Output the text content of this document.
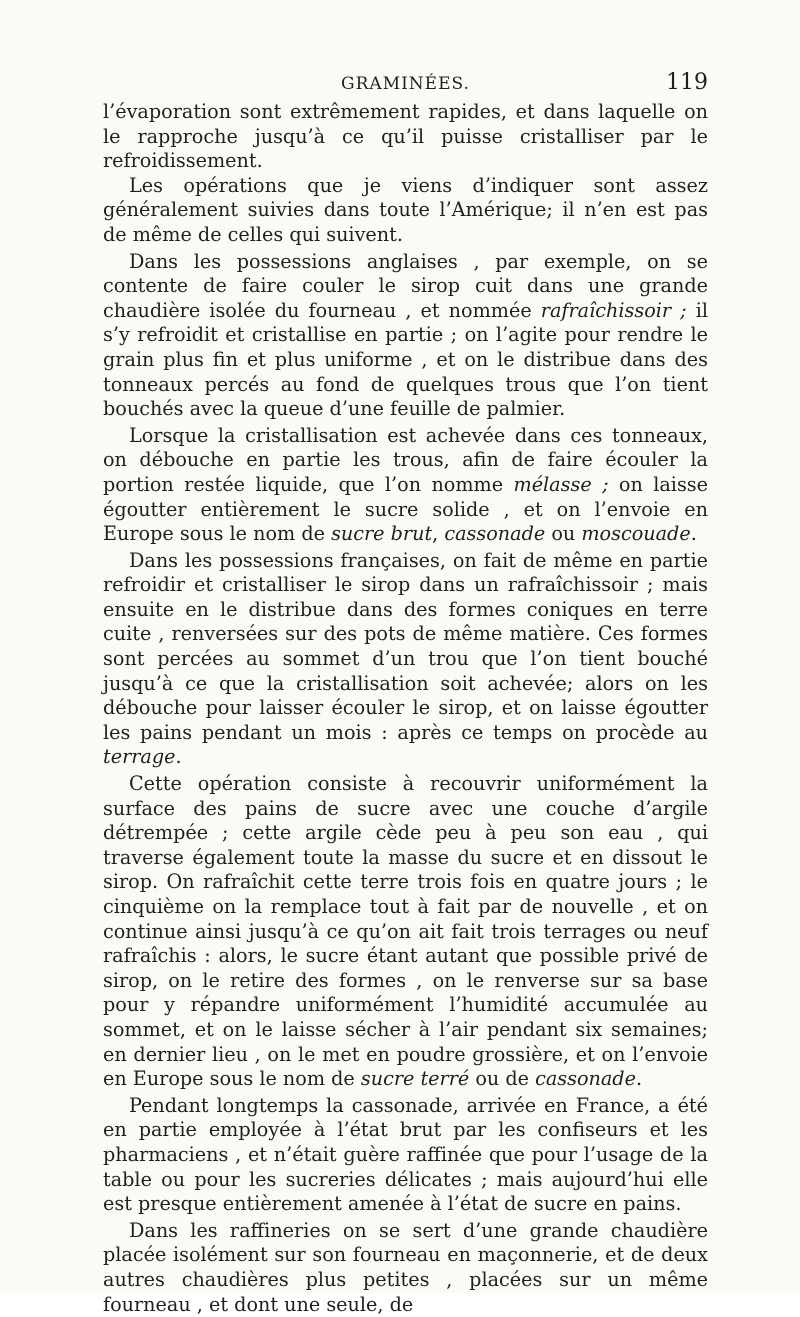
GRAMINÉES.	119

l’évaporation sont extrêmement rapides, et dans laquelle on le rapproche jusqu’à ce qu’il puisse cristalliser par le refroidissement.

Les opérations que je viens d’indiquer sont assez généralement suivies dans toute l’Amérique; il n’en est pas de même de celles qui suivent.

Dans les possessions anglaises , par exemple, on se contente de faire couler le sirop cuit dans une grande chaudière isolée du fourneau , et nommée rafraîchissoir ; il s’y refroidit et cristallise en partie ; on l’agite pour rendre le grain plus fin et plus uniforme , et on le distribue dans des tonneaux percés au fond de quelques trous que l’on tient bouchés avec la queue d’une feuille de palmier.

Lorsque la cristallisation est achevée dans ces tonneaux, on débouche en partie les trous, afin de faire écouler la portion restée liquide, que l’on nomme mélasse ; on laisse égoutter entièrement le sucre solide , et on l’envoie en Europe sous le nom de sucre brut, cassonade ou moscouade.

Dans les possessions françaises, on fait de même en partie refroidir et cristalliser le sirop dans un rafraîchissoir ; mais ensuite en le distribue dans des formes coniques en terre cuite , renversées sur des pots de même matière. Ces formes sont percées au sommet d’un trou que l’on tient bouché jusqu’à ce que la cristallisation soit achevée; alors on les débouche pour laisser écouler le sirop, et on laisse égoutter les pains pendant un mois : après ce temps on procède au terrage.

Cette opération consiste à recouvrir uniformément la surface des pains de sucre avec une couche d’argile détrempée ; cette argile cède peu à peu son eau , qui traverse également toute la masse du sucre et en dissout le sirop. On rafraîchit cette terre trois fois en quatre jours ; le cinquième on la remplace tout à fait par de nouvelle , et on continue ainsi jusqu’à ce qu’on ait fait trois terrages ou neuf rafraîchis : alors, le sucre étant autant que possible privé de sirop, on le retire des formes , on le renverse sur sa base pour y répandre uniformément l’humidité accumulée au sommet, et on le laisse sécher à l’air pendant six semaines; en dernier lieu , on le met en poudre grossière, et on l’envoie en Europe sous le nom de sucre terré ou de cassonade.

Pendant longtemps la cassonade, arrivée en France, a été en partie employée à l’état brut par les confiseurs et les pharmaciens , et n’était guère raffinée que pour l’usage de la table ou pour les sucreries délicates ; mais aujourd’hui elle est presque entièrement amenée à l’état de sucre en pains.

Dans les raffineries on se sert d’une grande chaudière placée isolément sur son fourneau en maçonnerie, et de deux autres chaudières plus petites , placées sur un même fourneau , et dont une seule, de
